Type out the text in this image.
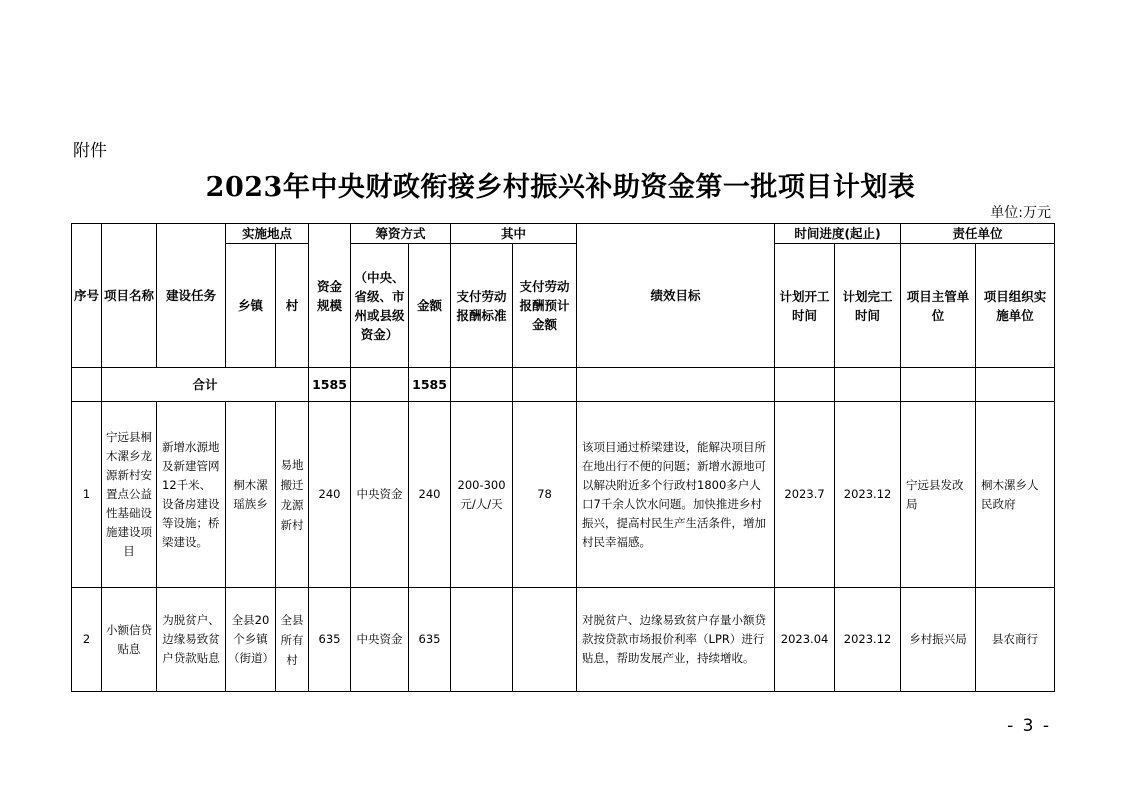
附件
2023年中央财政衔接乡村振兴补助资金第一批项目计划表
单位:万元
序号	项目名称	建设任务	实施地点		资金规模	筹资方式		其中		绩效目标	时间进度(起止)		责任单位	
			乡镇	村		（中央、省级、市州或县级资金）	金额	支付劳动报酬标准	支付劳动报酬预计金额		计划开工时间	计划完工时间	项目主管单位	项目组织实施单位
	合计				1585		1585							
1	宁远县桐木漯乡龙源新村安置点公益性基础设施建设项目	新增水源地及新建管网12千米、设备房建设等设施；桥梁建设。	桐木漯瑶族乡	易地搬迁龙源新村	240	中央资金	240	200-300元/人/天	78	该项目通过桥梁建设，能解决项目所在地出行不便的问题；新增水源地可以解决附近多个行政村1800多户人口7千余人饮水问题。加快推进乡村振兴，提高村民生产生活条件，增加村民幸福感。	2023.7	2023.12	宁远县发改局	桐木漯乡人民政府
2	小额信贷贴息	为脱贫户、边缘易致贫户贷款贴息	全县20个乡镇（街道）	全县所有村	635	中央资金	635			对脱贫户、边缘易致贫户存量小额贷款按贷款市场报价利率（LPR）进行贴息，帮助发展产业，持续增收。	2023.04	2023.12	乡村振兴局	县农商行
- 3 -
